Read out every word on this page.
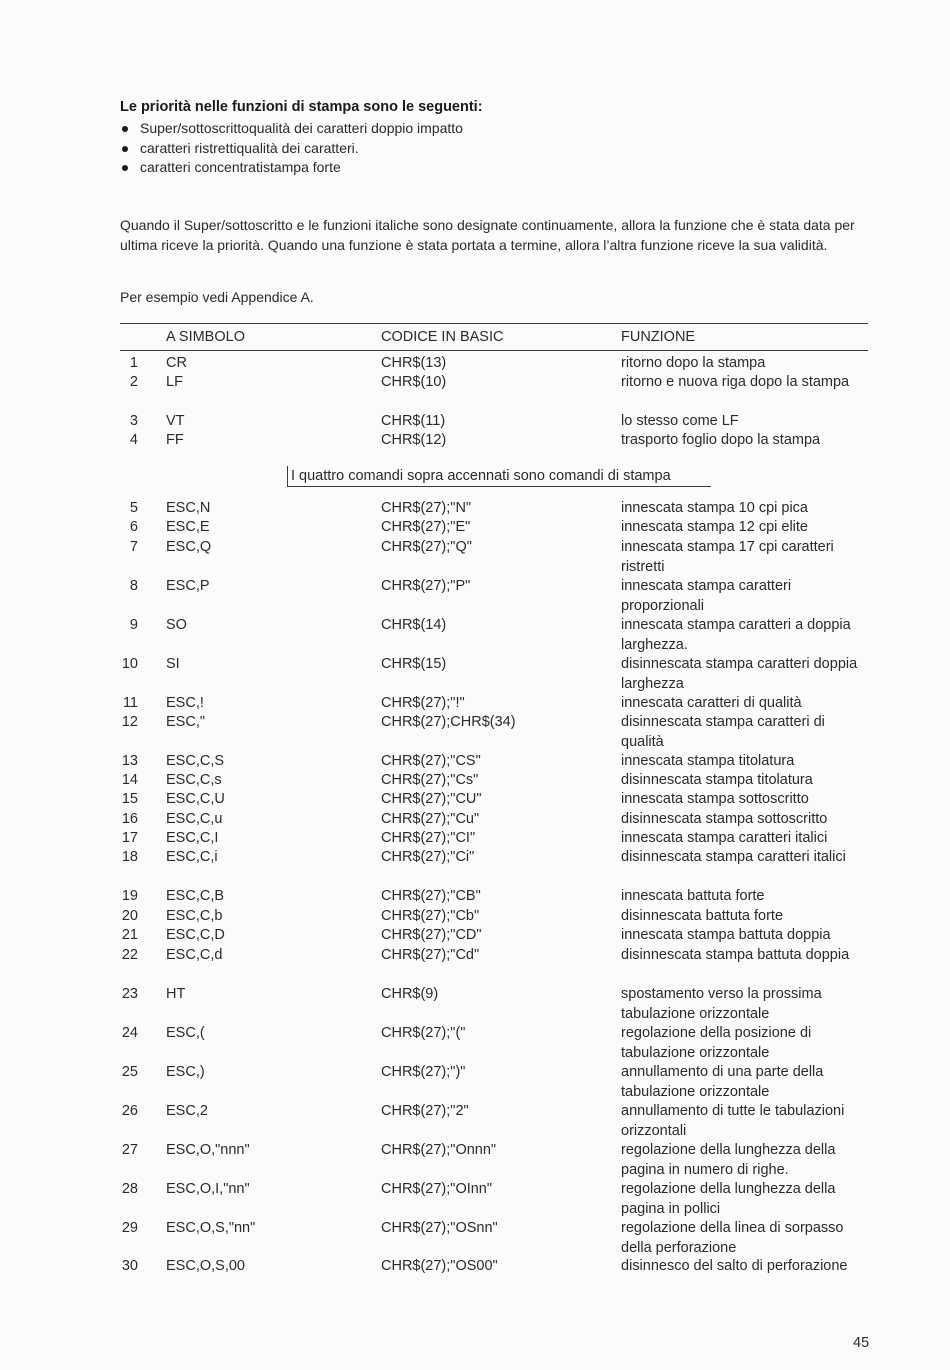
Le priorità nelle funzioni di stampa sono le seguenti:
Super/sottoscrittoqualità dei caratteri doppio impatto
caratteri ristrettiqualità dei caratteri.
caratteri concentratistampa forte

Quando il Super/sottoscritto e le funzioni italiche sono designate continuamente, allora la funzione che è stata data per ultima riceve la priorità. Quando una funzione è stata portata a termine, allora l’altra funzione riceve la sua validità.

Per esempio vedi Appendice A.

A SIMBOLO	CODICE IN BASIC	FUNZIONE
1 CR	CHR$(13)	ritorno dopo la stampa
2 LF	CHR$(10)	ritorno e nuova riga dopo la stampa
3 VT	CHR$(11)	lo stesso come LF
4 FF	CHR$(12)	trasporto foglio dopo la stampa
5 ESC,N	CHR$(27);"N"	innescata stampa 10 cpi pica
6 ESC,E	CHR$(27);"E"	innescata stampa 12 cpi elite
7 ESC,Q	CHR$(27);"Q"	innescata stampa 17 cpi caratteri ristretti
8 ESC,P	CHR$(27);"P"	innescata stampa caratteri proporzionali
9 SO	CHR$(14)	innescata stampa caratteri a doppia larghezza.
10 SI	CHR$(15)	disinnescata stampa caratteri doppia larghezza
11 ESC,!	CHR$(27);"!"	innescata caratteri di qualità
12 ESC,"	CHR$(27);CHR$(34)	disinnescata stampa caratteri di qualità
13 ESC,C,S	CHR$(27);"CS"	innescata stampa titolatura
14 ESC,C,s	CHR$(27);"Cs"	disinnescata stampa titolatura
15 ESC,C,U	CHR$(27);"CU"	innescata stampa sottoscritto
16 ESC,C,u	CHR$(27);"Cu"	disinnescata stampa sottoscritto
17 ESC,C,I	CHR$(27);"CI"	innescata stampa caratteri italici
18 ESC,C,i	CHR$(27);"Ci"	disinnescata stampa caratteri italici
19 ESC,C,B	CHR$(27);"CB"	innescata battuta forte
20 ESC,C,b	CHR$(27);"Cb"	disinnescata battuta forte
21 ESC,C,D	CHR$(27);"CD"	innescata stampa battuta doppia
22 ESC,C,d	CHR$(27);"Cd"	disinnescata stampa battuta doppia
23 HT	CHR$(9)	spostamento verso la prossima tabulazione orizzontale
24 ESC,(	CHR$(27);"("	regolazione della posizione di tabulazione orizzontale
25 ESC,)	CHR$(27);")"	annullamento di una parte della tabulazione orizzontale
26 ESC,2	CHR$(27);"2"	annullamento di tutte le tabulazioni orizzontali
27 ESC,O,"nnn"	CHR$(27);"Onnn"	regolazione della lunghezza della pagina in numero di righe.
28 ESC,O,I,"nn"	CHR$(27);"OInn"	regolazione della lunghezza della pagina in pollici
29 ESC,O,S,"nn"	CHR$(27);"OSnn"	regolazione della linea di sorpasso della perforazione
30 ESC,O,S,00	CHR$(27);"OS00"	disinnesco del salto di perforazione

I quattro comandi sopra accennati sono comandi di stampa

45
